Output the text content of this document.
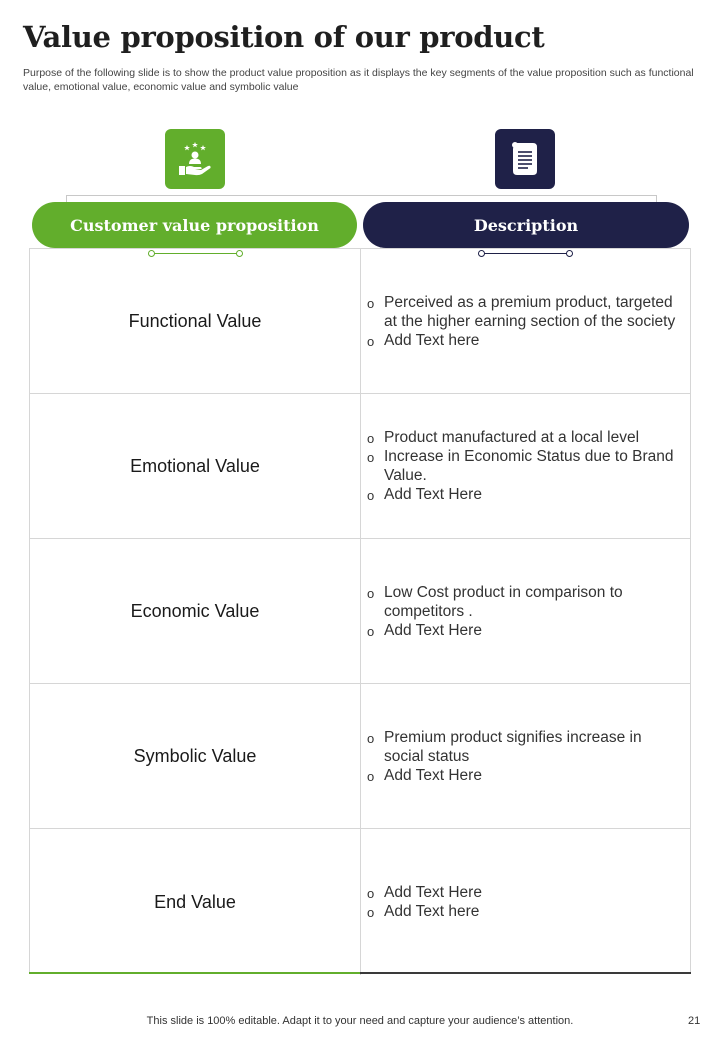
Value proposition of our product
Purpose of the following slide is to show the product value proposition as it displays the key segments of the value proposition such as functional value, emotional value, economic value and symbolic value
Customer value proposition	Description
Functional Value
o Perceived as a premium product, targeted at the higher earning section of the society
o Add Text here
Emotional Value
o Product manufactured at a local level
o Increase in Economic Status due to Brand Value.
o Add Text Here
Economic Value
o Low Cost product in comparison to competitors .
o Add Text Here
Symbolic Value
o Premium product signifies increase in social status
o Add Text Here
End Value
o	Add Text Here
o Add Text here
This slide is 100% editable. Adapt it to your need and capture your audience’s attention.	21
